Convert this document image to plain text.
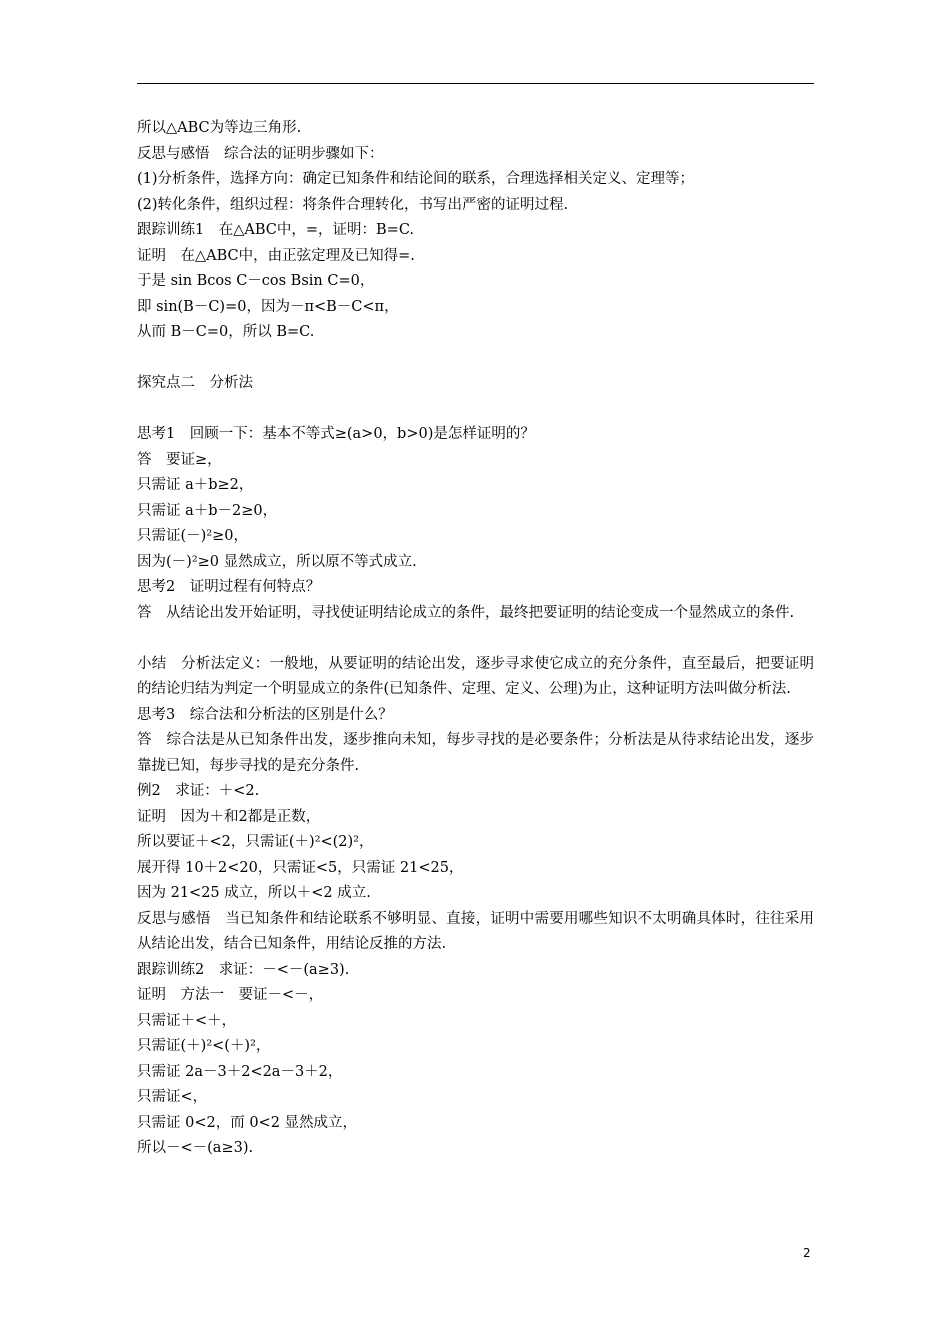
所以△ABC为等边三角形.
反思与感悟　综合法的证明步骤如下：
(1)分析条件，选择方向：确定已知条件和结论间的联系，合理选择相关定义、定理等；
(2)转化条件，组织过程：将条件合理转化，书写出严密的证明过程.
跟踪训练1　在△ABC中，=，证明：B=C.
证明　在△ABC中，由正弦定理及已知得=.
于是 sin Bcos C－cos Bsin C=0，
即 sin(B－C)=0，因为－π<B－C<π，
从而 B－C=0，所以 B=C.
探究点二　分析法
思考1　回顾一下：基本不等式≥(a>0，b>0)是怎样证明的？
答　要证≥，
只需证 a＋b≥2，
只需证 a＋b－2≥0，
只需证(－)²≥0，
因为(－)²≥0 显然成立，所以原不等式成立.
思考2　证明过程有何特点？
答　从结论出发开始证明，寻找使证明结论成立的条件，最终把要证明的结论变成一个显然成立的条件.
小结　分析法定义：一般地，从要证明的结论出发，逐步寻求使它成立的充分条件，直至最后，把要证明的结论归结为判定一个明显成立的条件(已知条件、定理、定义、公理)为止，这种证明方法叫做分析法.
思考3　综合法和分析法的区别是什么？
答　综合法是从已知条件出发，逐步推向未知，每步寻找的是必要条件；分析法是从待求结论出发，逐步靠拢已知，每步寻找的是充分条件.
例2　求证：＋<2.
证明　因为＋和2都是正数，
所以要证＋<2，只需证(＋)²<(2)²，
展开得 10＋2<20，只需证<5，只需证 21<25，
因为 21<25 成立，所以＋<2 成立.
反思与感悟　当已知条件和结论联系不够明显、直接，证明中需要用哪些知识不太明确具体时，往往采用从结论出发，结合已知条件，用结论反推的方法.
跟踪训练2　求证：－<－(a≥3).
证明　方法一　要证－<－，
只需证＋<＋，
只需证(＋)²<(＋)²，
只需证 2a－3＋2<2a－3＋2，
只需证<，
只需证 0<2，而 0<2 显然成立，
所以－<－(a≥3).
2
